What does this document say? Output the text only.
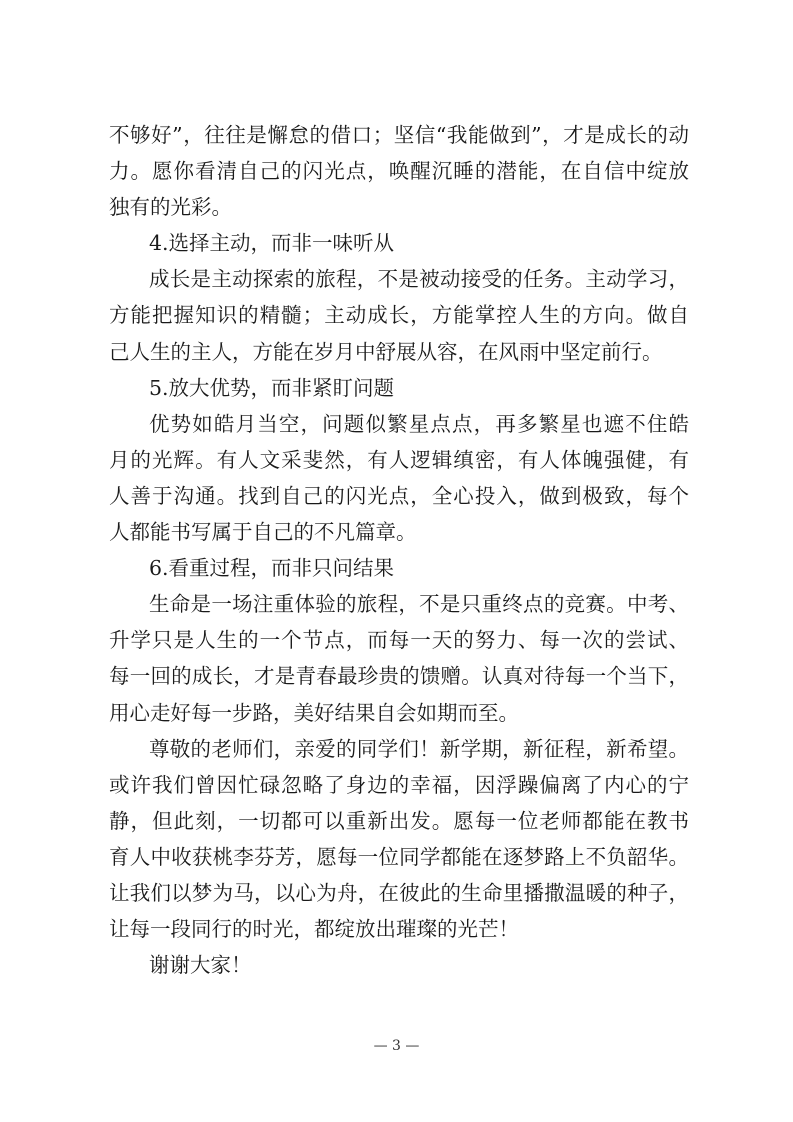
不够好”，往往是懈怠的借口；坚信“我能做到”，才是成长的动
力。愿你看清自己的闪光点，唤醒沉睡的潜能，在自信中绽放
独有的光彩。
4.选择主动，而非一味听从
成长是主动探索的旅程，不是被动接受的任务。主动学习，
方能把握知识的精髓；主动成长，方能掌控人生的方向。做自
己人生的主人，方能在岁月中舒展从容，在风雨中坚定前行。
5.放大优势，而非紧盯问题
优势如皓月当空，问题似繁星点点，再多繁星也遮不住皓
月的光辉。有人文采斐然，有人逻辑缜密，有人体魄强健，有
人善于沟通。找到自己的闪光点，全心投入，做到极致，每个
人都能书写属于自己的不凡篇章。
6.看重过程，而非只问结果
生命是一场注重体验的旅程，不是只重终点的竞赛。中考、
升学只是人生的一个节点，而每一天的努力、每一次的尝试、
每一回的成长，才是青春最珍贵的馈赠。认真对待每一个当下，
用心走好每一步路，美好结果自会如期而至。
尊敬的老师们，亲爱的同学们！新学期，新征程，新希望。
或许我们曾因忙碌忽略了身边的幸福，因浮躁偏离了内心的宁
静，但此刻，一切都可以重新出发。愿每一位老师都能在教书
育人中收获桃李芬芳，愿每一位同学都能在逐梦路上不负韶华。
让我们以梦为马，以心为舟，在彼此的生命里播撒温暖的种子，
让每一段同行的时光，都绽放出璀璨的光芒！
谢谢大家！
— 3 —
